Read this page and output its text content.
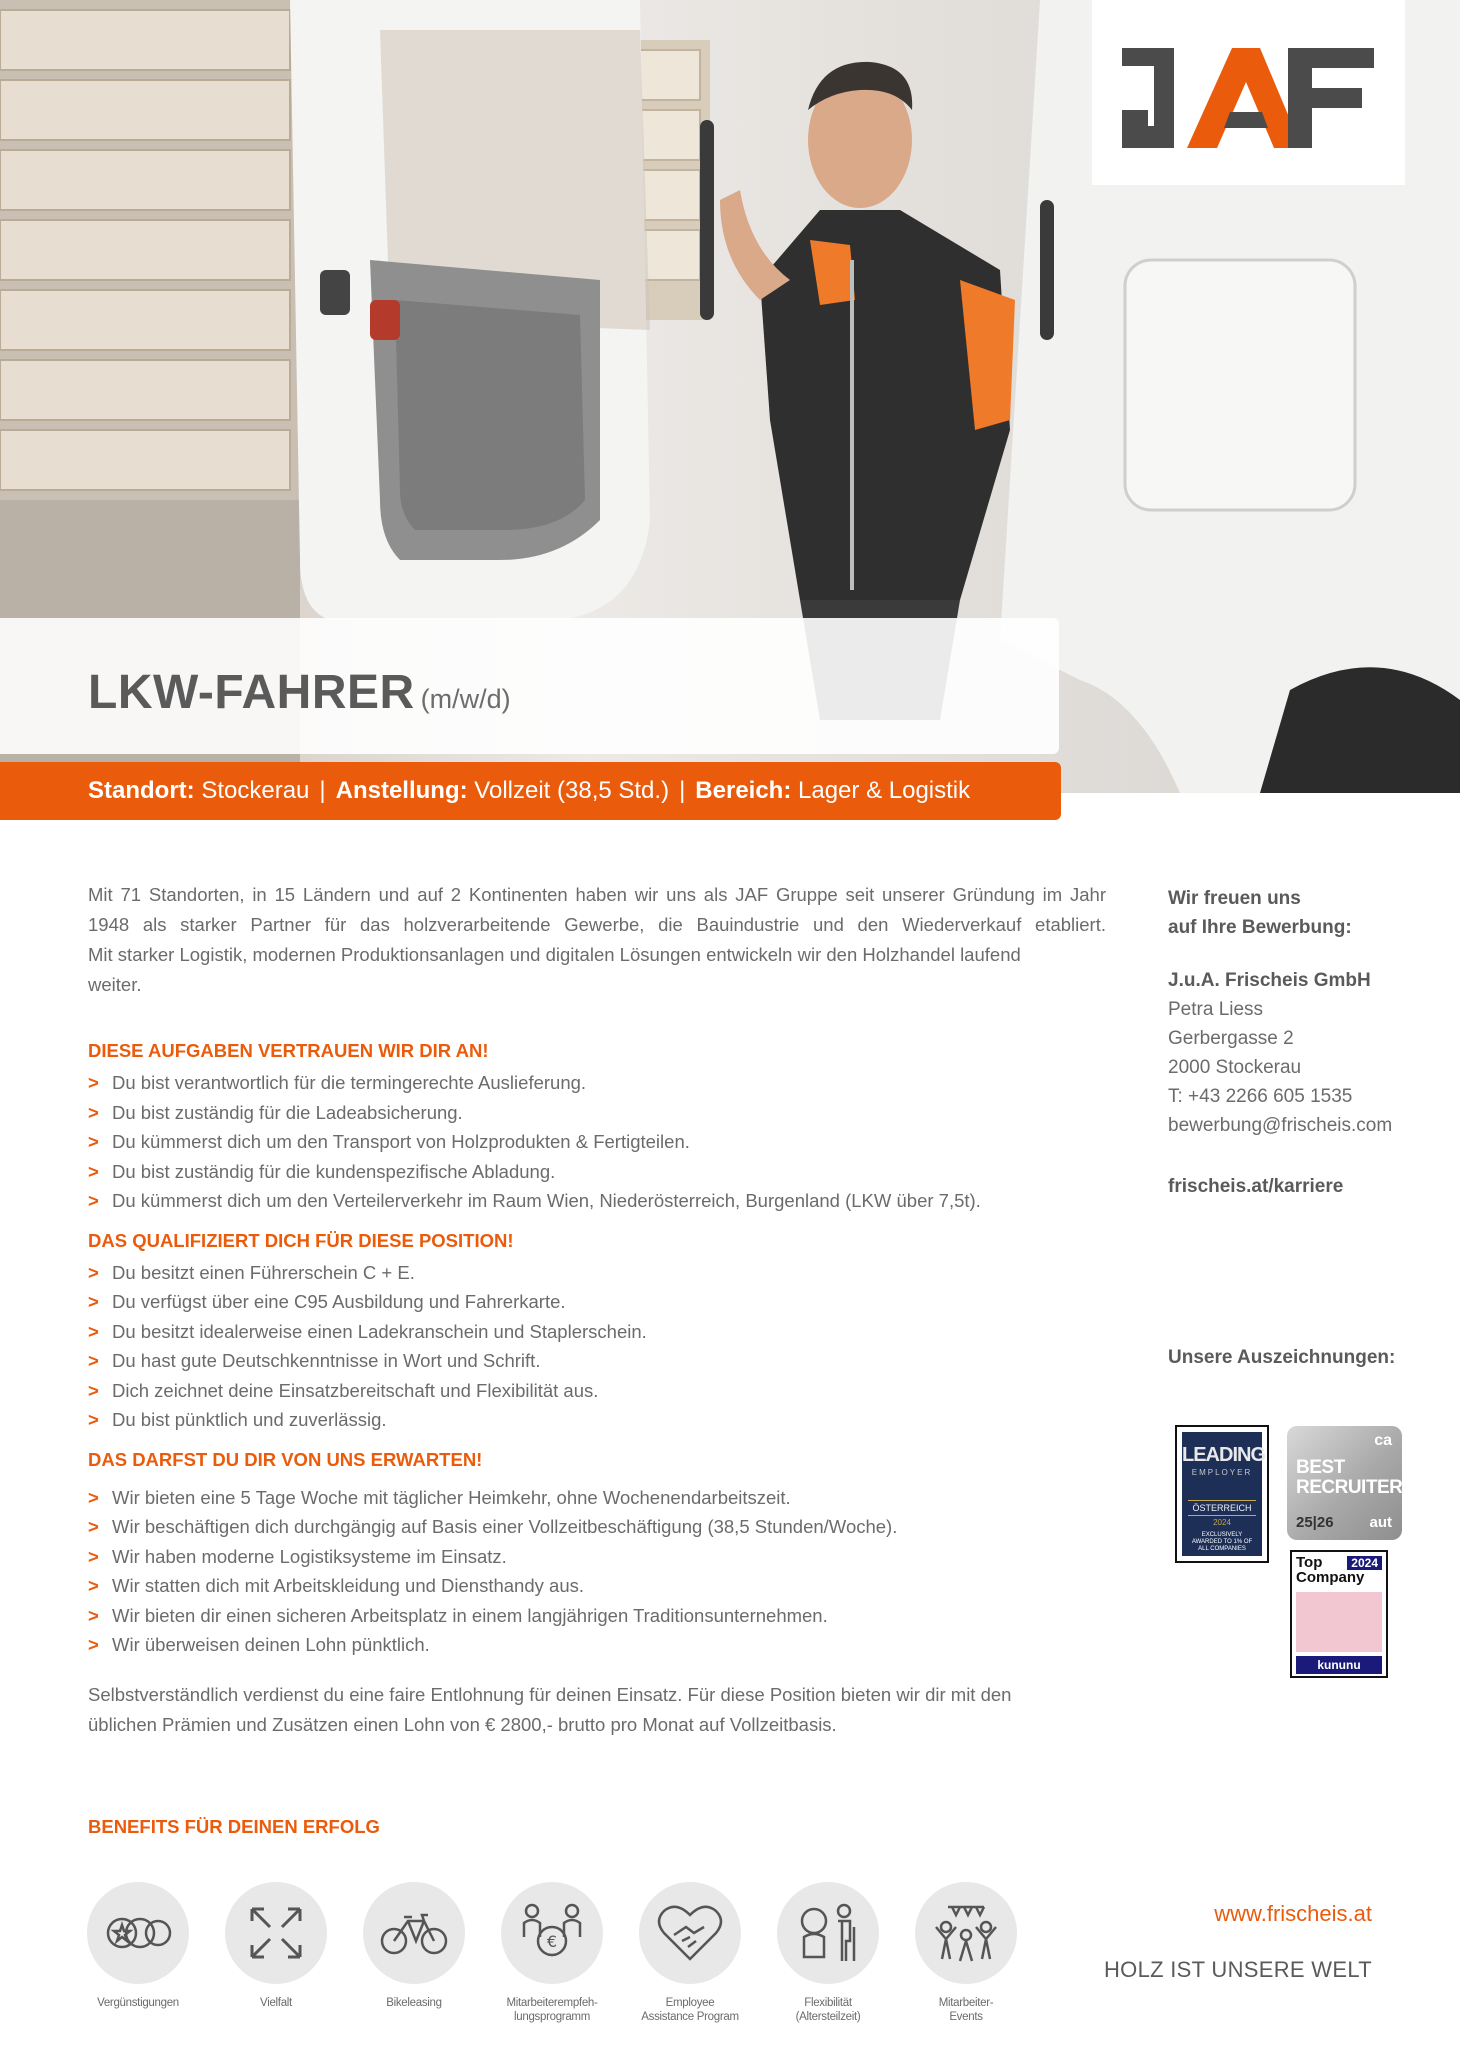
LKW-FAHRER (m/w/d)
Standort: Stockerau | Anstellung: Vollzeit (38,5 Std.) | Bereich: Lager & Logistik
Mit 71 Standorten, in 15 Ländern und auf 2 Kontinenten haben wir uns als JAF Gruppe seit unserer Gründung im Jahr
1948 als starker Partner für das holzverarbeitende Gewerbe, die Bauindustrie und den Wiederverkauf etabliert.
Mit starker Logistik, modernen Produktionsanlagen und digitalen Lösungen entwickeln wir den Holzhandel laufend
weiter.
DIESE AUFGABEN VERTRAUEN WIR DIR AN!
> Du bist verantwortlich für die termingerechte Auslieferung.
> Du bist zuständig für die Ladeabsicherung.
> Du kümmerst dich um den Transport von Holzprodukten & Fertigteilen.
> Du bist zuständig für die kundenspezifische Abladung.
> Du kümmerst dich um den Verteilerverkehr im Raum Wien, Niederösterreich, Burgenland (LKW über 7,5t).
DAS QUALIFIZIERT DICH FÜR DIESE POSITION!
> Du besitzt einen Führerschein C + E.
> Du verfügst über eine C95 Ausbildung und Fahrerkarte.
> Du besitzt idealerweise einen Ladekranschein und Staplerschein.
> Du hast gute Deutschkenntnisse in Wort und Schrift.
> Dich zeichnet deine Einsatzbereitschaft und Flexibilität aus.
> Du bist pünktlich und zuverlässig.
DAS DARFST DU DIR VON UNS ERWARTEN!
> Wir bieten eine 5 Tage Woche mit täglicher Heimkehr, ohne Wochenendarbeitszeit.
> Wir beschäftigen dich durchgängig auf Basis einer Vollzeitbeschäftigung (38,5 Stunden/Woche).
> Wir haben moderne Logistiksysteme im Einsatz.
> Wir statten dich mit Arbeitskleidung und Diensthandy aus.
> Wir bieten dir einen sicheren Arbeitsplatz in einem langjährigen Traditionsunternehmen.
> Wir überweisen deinen Lohn pünktlich.
Selbstverständlich verdienst du eine faire Entlohnung für deinen Einsatz. Für diese Position bieten wir dir mit den
üblichen Prämien und Zusätzen einen Lohn von € 2800,- brutto pro Monat auf Vollzeitbasis.
Wir freuen uns
auf Ihre Bewerbung:
J.u.A. Frischeis GmbH
Petra Liess
Gerbergasse 2
2000 Stockerau
T: +43 2266 605 1535
bewerbung@frischeis.com
frischeis.at/karriere
Unsere Auszeichnungen:
LEADING
EMPLOYER
ÖSTERREICH
2024
EXCLUSIVELY AWARDED TO 1% OF ALL COMPANIES
ca
BEST
RECRUITERS
25|26 aut
Top	2024
Company
kununu
BENEFITS FÜR DEINEN ERFOLG
Vergünstigungen	Vielfalt	Bikeleasing

€
Mitarbeiterempfeh-
lungsprogramm
Employee
Assistance Program
Flexibilität
(Altersteilzeit)
Mitarbeiter-
Events
www.frischeis.at
HOLZ IST UNSERE WELT
